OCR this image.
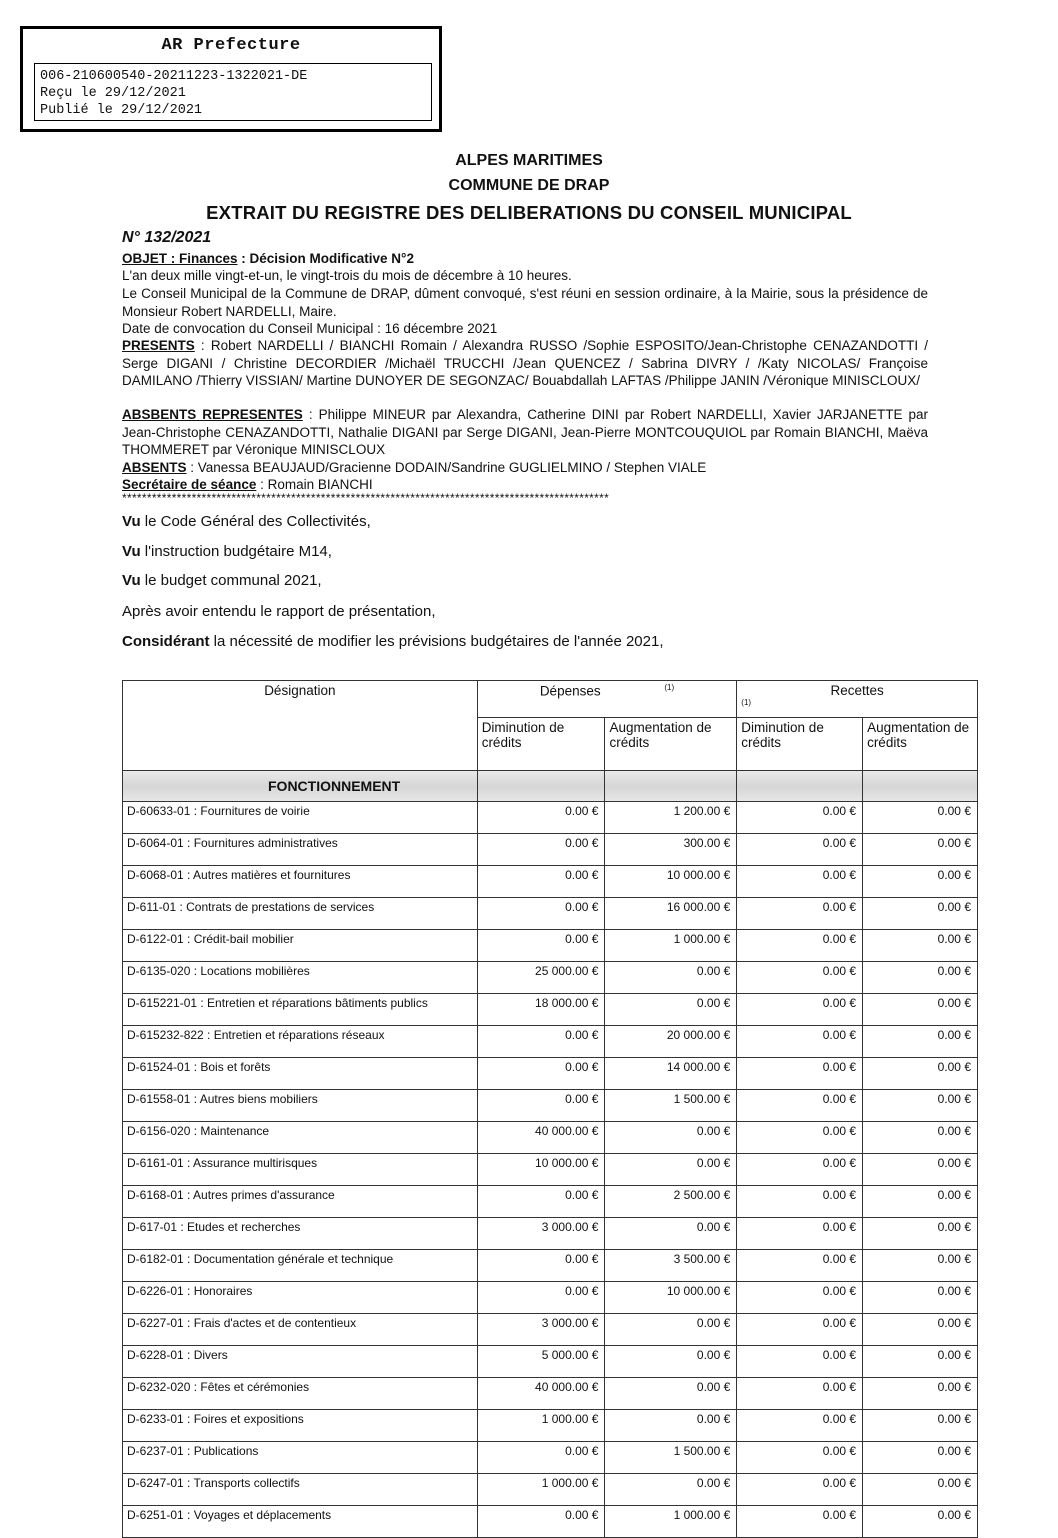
AR Prefecture
006-210600540-20211223-1322021-DE
Reçu le 29/12/2021
Publié le 29/12/2021
ALPES MARITIMES
COMMUNE DE DRAP
EXTRAIT DU REGISTRE DES DELIBERATIONS DU CONSEIL MUNICIPAL
N° 132/2021
OBJET : Finances : Décision Modificative N°2
L'an deux mille vingt-et-un, le vingt-trois du mois de décembre à 10 heures.
Le Conseil Municipal de la Commune de DRAP, dûment convoqué, s'est réuni en session ordinaire, à la Mairie, sous la présidence de Monsieur Robert NARDELLI, Maire.
Date de convocation du Conseil Municipal : 16 décembre 2021
PRESENTS : Robert NARDELLI / BIANCHI Romain / Alexandra RUSSO /Sophie ESPOSITO/Jean-Christophe CENAZANDOTTI / Serge DIGANI / Christine DECORDIER /Michaël TRUCCHI /Jean QUENCEZ / Sabrina DIVRY / /Katy NICOLAS/ Françoise DAMILANO /Thierry VISSIAN/ Martine DUNOYER DE SEGONZAC/ Bouabdallah LAFTAS /Philippe JANIN /Véronique MINISCLOUX/
ABSBENTS REPRESENTES : Philippe MINEUR par Alexandra, Catherine DINI par Robert NARDELLI, Xavier JARJANETTE par Jean-Christophe CENAZANDOTTI, Nathalie DIGANI par Serge DIGANI, Jean-Pierre MONTCOUQUIOL par Romain BIANCHI, Maëva THOMMERET par Véronique MINISCLOUX
ABSENTS : Vanessa BEAUJAUD/Gracienne DODAIN/Sandrine GUGLIELMINO / Stephen VIALE
Secrétaire de séance : Romain BIANCHI
**************************************************************************************************
Vu le Code Général des Collectivités,
Vu l'instruction budgétaire M14,
Vu le budget communal 2021,
Après avoir entendu le rapport de présentation,
Considérant la nécessité de modifier les prévisions budgétaires de l'année 2021,
Désignation	Dépenses $^{(1)}$		Recettes

(1)	

	Diminution de crédits	Augmentation de crédits	Diminution de crédits	Augmentation de crédits
FONCTIONNEMENT				
D-60633-01 : Fournitures de voirie	0.00 €	1 200.00 €	0.00 €	0.00 €
D-6064-01 : Fournitures administratives	0.00 €	300.00 €	0.00 €	0.00 €
D-6068-01 : Autres matières et fournitures	0.00 €	10 000.00 €	0.00 €	0.00 €
D-611-01 : Contrats de prestations de services	0.00 €	16 000.00 €	0.00 €	0.00 €
D-6122-01 : Crédit-bail mobilier	0.00 €	1 000.00 €	0.00 €	0.00 €
D-6135-020 : Locations mobilières	25 000.00 €	0.00 €	0.00 €	0.00 €
D-615221-01 : Entretien et réparations bâtiments publics	18 000.00 €	0.00 €	0.00 €	0.00 €
D-615232-822 : Entretien et réparations réseaux	0.00 €	20 000.00 €	0.00 €	0.00 €
D-61524-01 : Bois et forêts	0.00 €	14 000.00 €	0.00 €	0.00 €
D-61558-01 : Autres biens mobiliers	0.00 €	1 500.00 €	0.00 €	0.00 €
D-6156-020 : Maintenance	40 000.00 €	0.00 €	0.00 €	0.00 €
D-6161-01 : Assurance multirisques	10 000.00 €	0.00 €	0.00 €	0.00 €
D-6168-01 : Autres primes d'assurance	0.00 €	2 500.00 €	0.00 €	0.00 €
D-617-01 : Etudes et recherches	3 000.00 €	0.00 €	0.00 €	0.00 €
D-6182-01 : Documentation générale et technique	0.00 €	3 500.00 €	0.00 €	0.00 €
D-6226-01 : Honoraires	0.00 €	10 000.00 €	0.00 €	0.00 €
D-6227-01 : Frais d'actes et de contentieux	3 000.00 €	0.00 €	0.00 €	0.00 €
D-6228-01 : Divers	5 000.00 €	0.00 €	0.00 €	0.00 €
D-6232-020 : Fêtes et cérémonies	40 000.00 €	0.00 €	0.00 €	0.00 €
D-6233-01 : Foires et expositions	1 000.00 €	0.00 €	0.00 €	0.00 €
D-6237-01 : Publications	0.00 €	1 500.00 €	0.00 €	0.00 €
D-6247-01 : Transports collectifs	1 000.00 €	0.00 €	0.00 €	0.00 €
D-6251-01 : Voyages et déplacements	0.00 €	1 000.00 €	0.00 €	0.00 €
